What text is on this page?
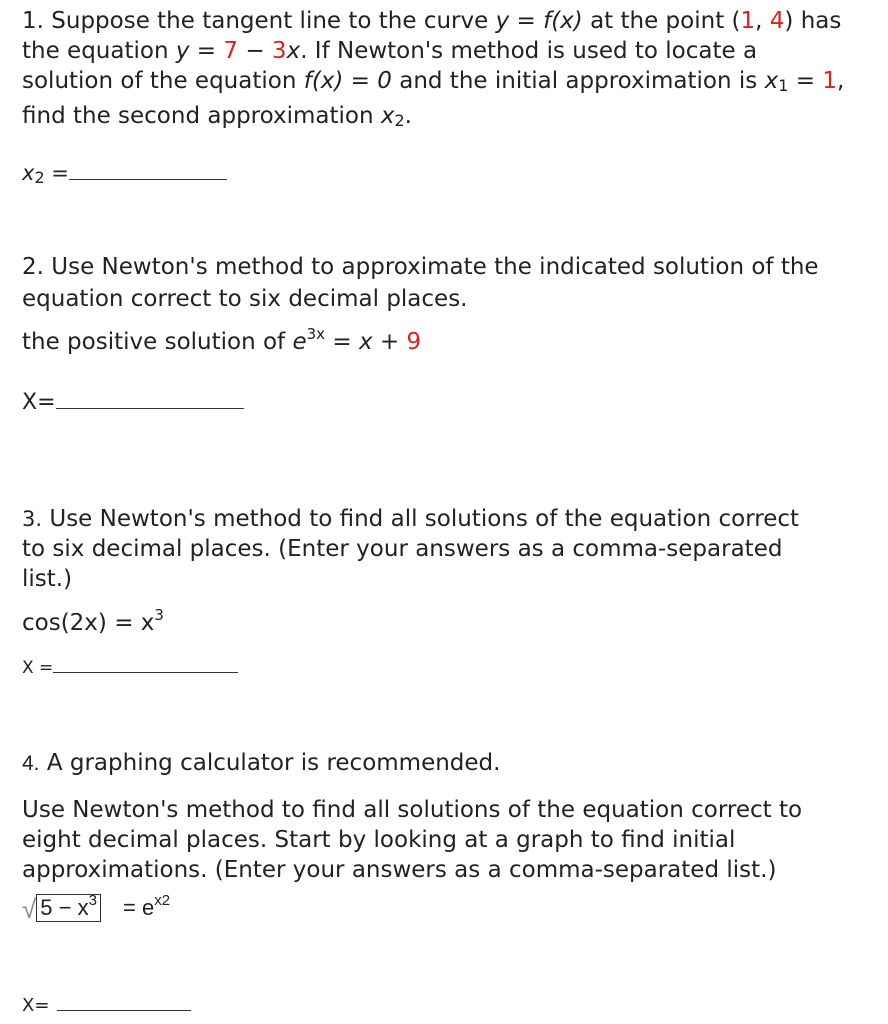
1. Suppose the tangent line to the curve y = f(x) at the point (1, 4) has the equation y = 7 − 3x. If Newton's method is used to locate a solution of the equation f(x) = 0 and the initial approximation is x1 = 1, find the second approximation x2.

x2 =

2. Use Newton's method to approximate the indicated solution of the equation correct to six decimal places.

the positive solution of $e^{3x} = x + 9$

X=

3. Use Newton's method to find all solutions of the equation correct to six decimal places. (Enter your answers as a comma-separated list.)

$\cos(2x) = x^3$

X =

4. A graphing calculator is recommended.

Use Newton's method to find all solutions of the equation correct to eight decimal places. Start by looking at a graph to find initial approximations. (Enter your answers as a comma-separated list.)

√ $5 - x^3 = e^{x2}$

X=
